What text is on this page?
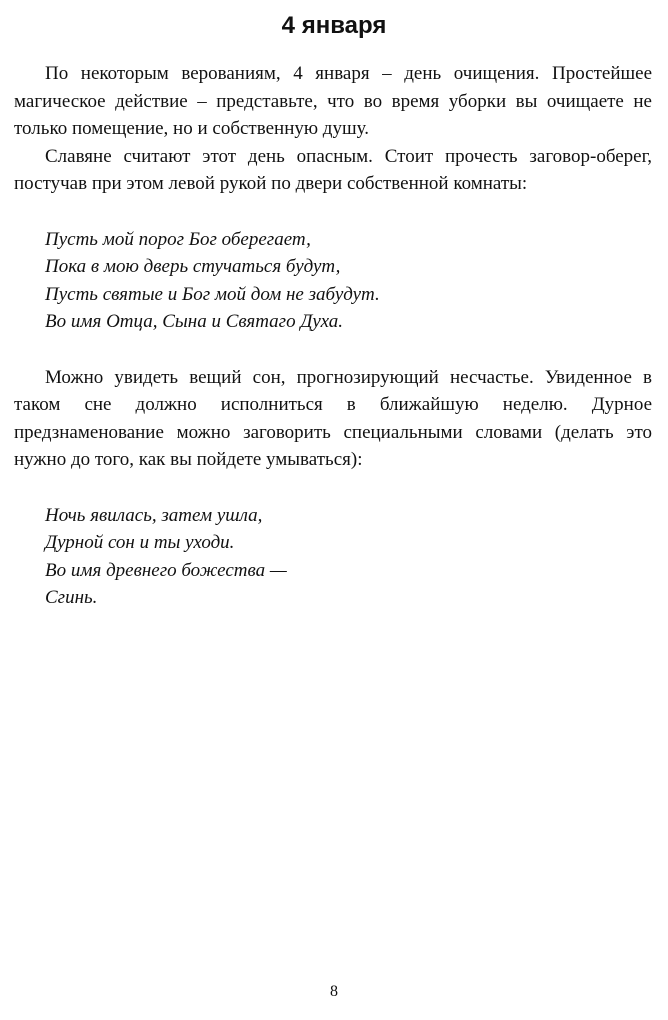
4 января

По некоторым верованиям, 4 января – день очищения. Простейшее магическое действие – представьте, что во время уборки вы очищаете не только помещение, но и собственную душу.

Славяне считают этот день опасным. Стоит прочесть заговор-оберег, постучав при этом левой рукой по двери собственной комнаты:

Пусть мой порог Бог оберегает,
Пока в мою дверь стучаться будут,
Пусть святые и Бог мой дом не забудут.
Во имя Отца, Сына и Святаго Духа.

Можно увидеть вещий сон, прогнозирующий несчастье. Увиденное в таком сне должно исполниться в ближайшую неделю. Дурное предзнаменование можно заговорить специальными словами (делать это нужно до того, как вы пойдете умываться):

Ночь явилась, затем ушла,
Дурной сон и ты уходи.
Во имя древнего божества —
Сгинь.
8
